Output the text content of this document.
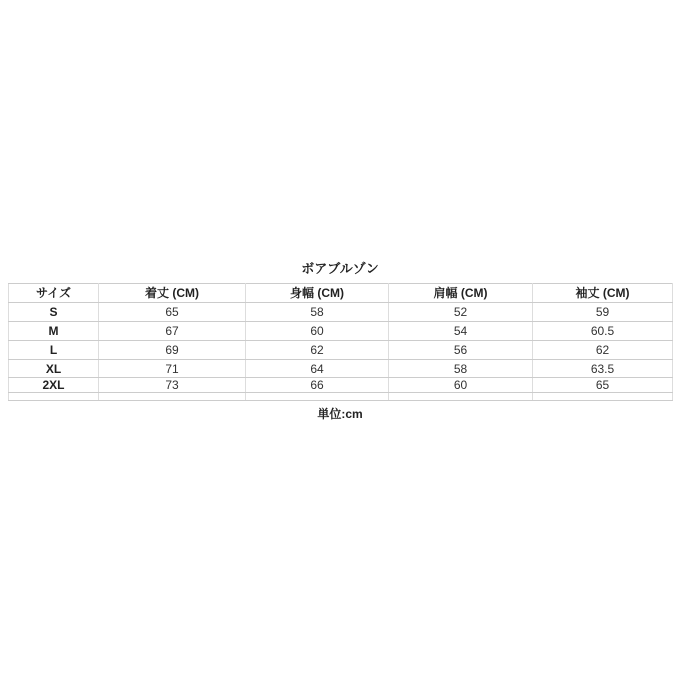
ボアブルゾン
サイズ	着丈 (CM)	身幅 (CM)	肩幅 (CM)	袖丈 (CM)
S	65	58	52	59
M	67	60	54	60.5
L	69	62	56	62
XL	71	64	58	63.5
2XL	73	66	60	65

単位:cm
